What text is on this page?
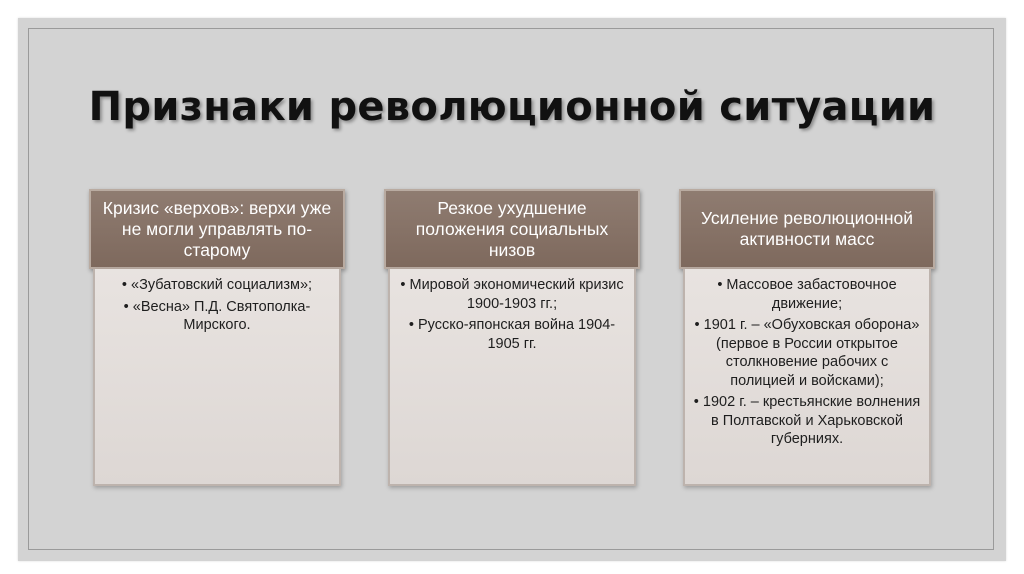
Признаки революционной ситуации
Кризис «верхов»: верхи уже не могли управлять по-старому
• «Зубатовский социализм»;
• «Весна» П.Д. Святополка-Мирского.
Резкое ухудшение положения социальных низов
• Мировой экономический кризис 1900-1903 гг.;
• Русско-японская война 1904-1905 гг.
Усиление революционной активности масс
• Массовое забастовочное движение;
• 1901 г. – «Обуховская оборона» (первое в России открытое столкновение рабочих с полицией и войсками);
• 1902 г. – крестьянские волнения в Полтавской и Харьковской губерниях.
